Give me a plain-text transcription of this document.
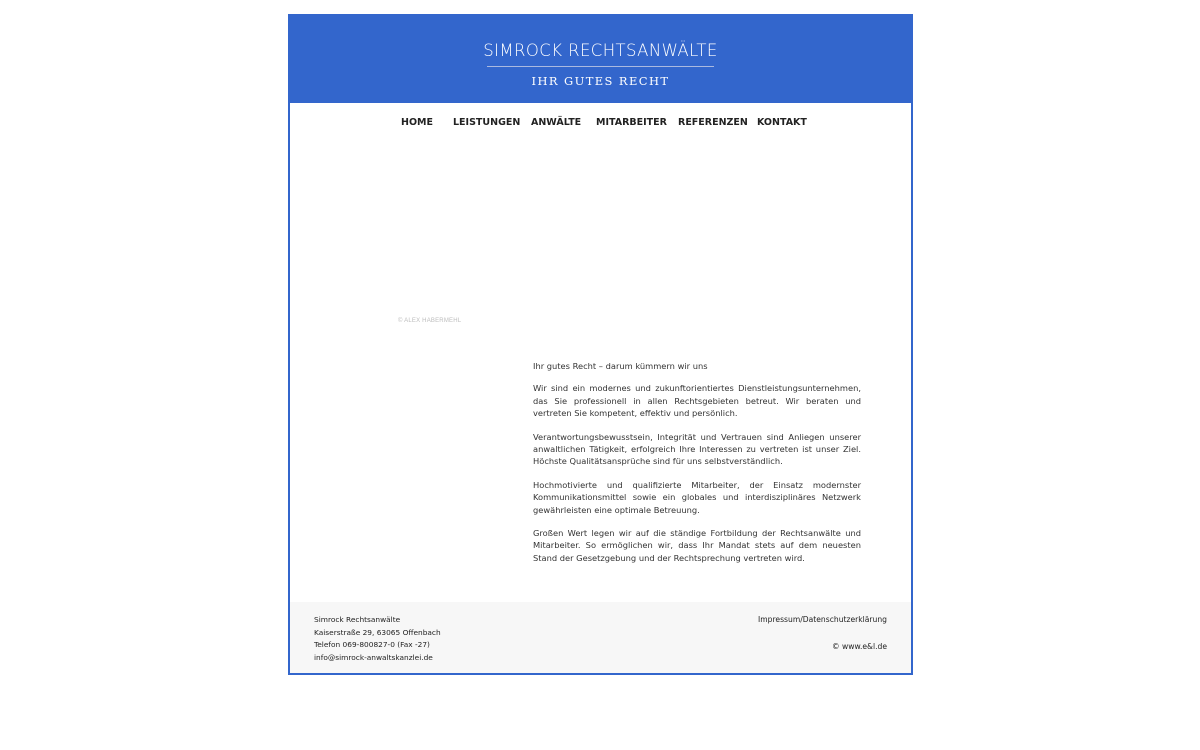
SIMROCK RECHTSANWÄLTE
IHR GUTES RECHT
HOME LEISTUNGEN ANWÄLTE MITARBEITER REFERENZEN KONTAKT
© ALEX HABERMEHL

Ihr gutes Recht – darum kümmern wir uns

Wir sind ein modernes und zukunftorientiertes Dienstleistungsunternehmen, das Sie professionell in allen Rechtsgebieten betreut. Wir beraten und vertreten Sie kompetent, effektiv und persönlich.

Verantwortungsbewusstsein, Integrität und Vertrauen sind Anliegen unserer anwaltlichen Tätigkeit, erfolgreich Ihre Interessen zu vertreten ist unser Ziel. Höchste Qualitätsansprüche sind für uns selbstverständlich.

Hochmotivierte und qualifizierte Mitarbeiter, der Einsatz modernster Kommunikationsmittel sowie ein globales und interdisziplinäres Netzwerk gewährleisten eine optimale Betreuung.

Großen Wert legen wir auf die ständige Fortbildung der Rechtsanwälte und Mitarbeiter. So ermöglichen wir, dass Ihr Mandat stets auf dem neuesten Stand der Gesetzgebung und der Rechtsprechung vertreten wird.

Simrock Rechtsanwälte
Kaiserstraße 29, 63065 Offenbach
Telefon 069-800827-0 (Fax -27)
info@simrock-anwaltskanzlei.de
Impressum/Datenschutzerklärung
© www.e&l.de
